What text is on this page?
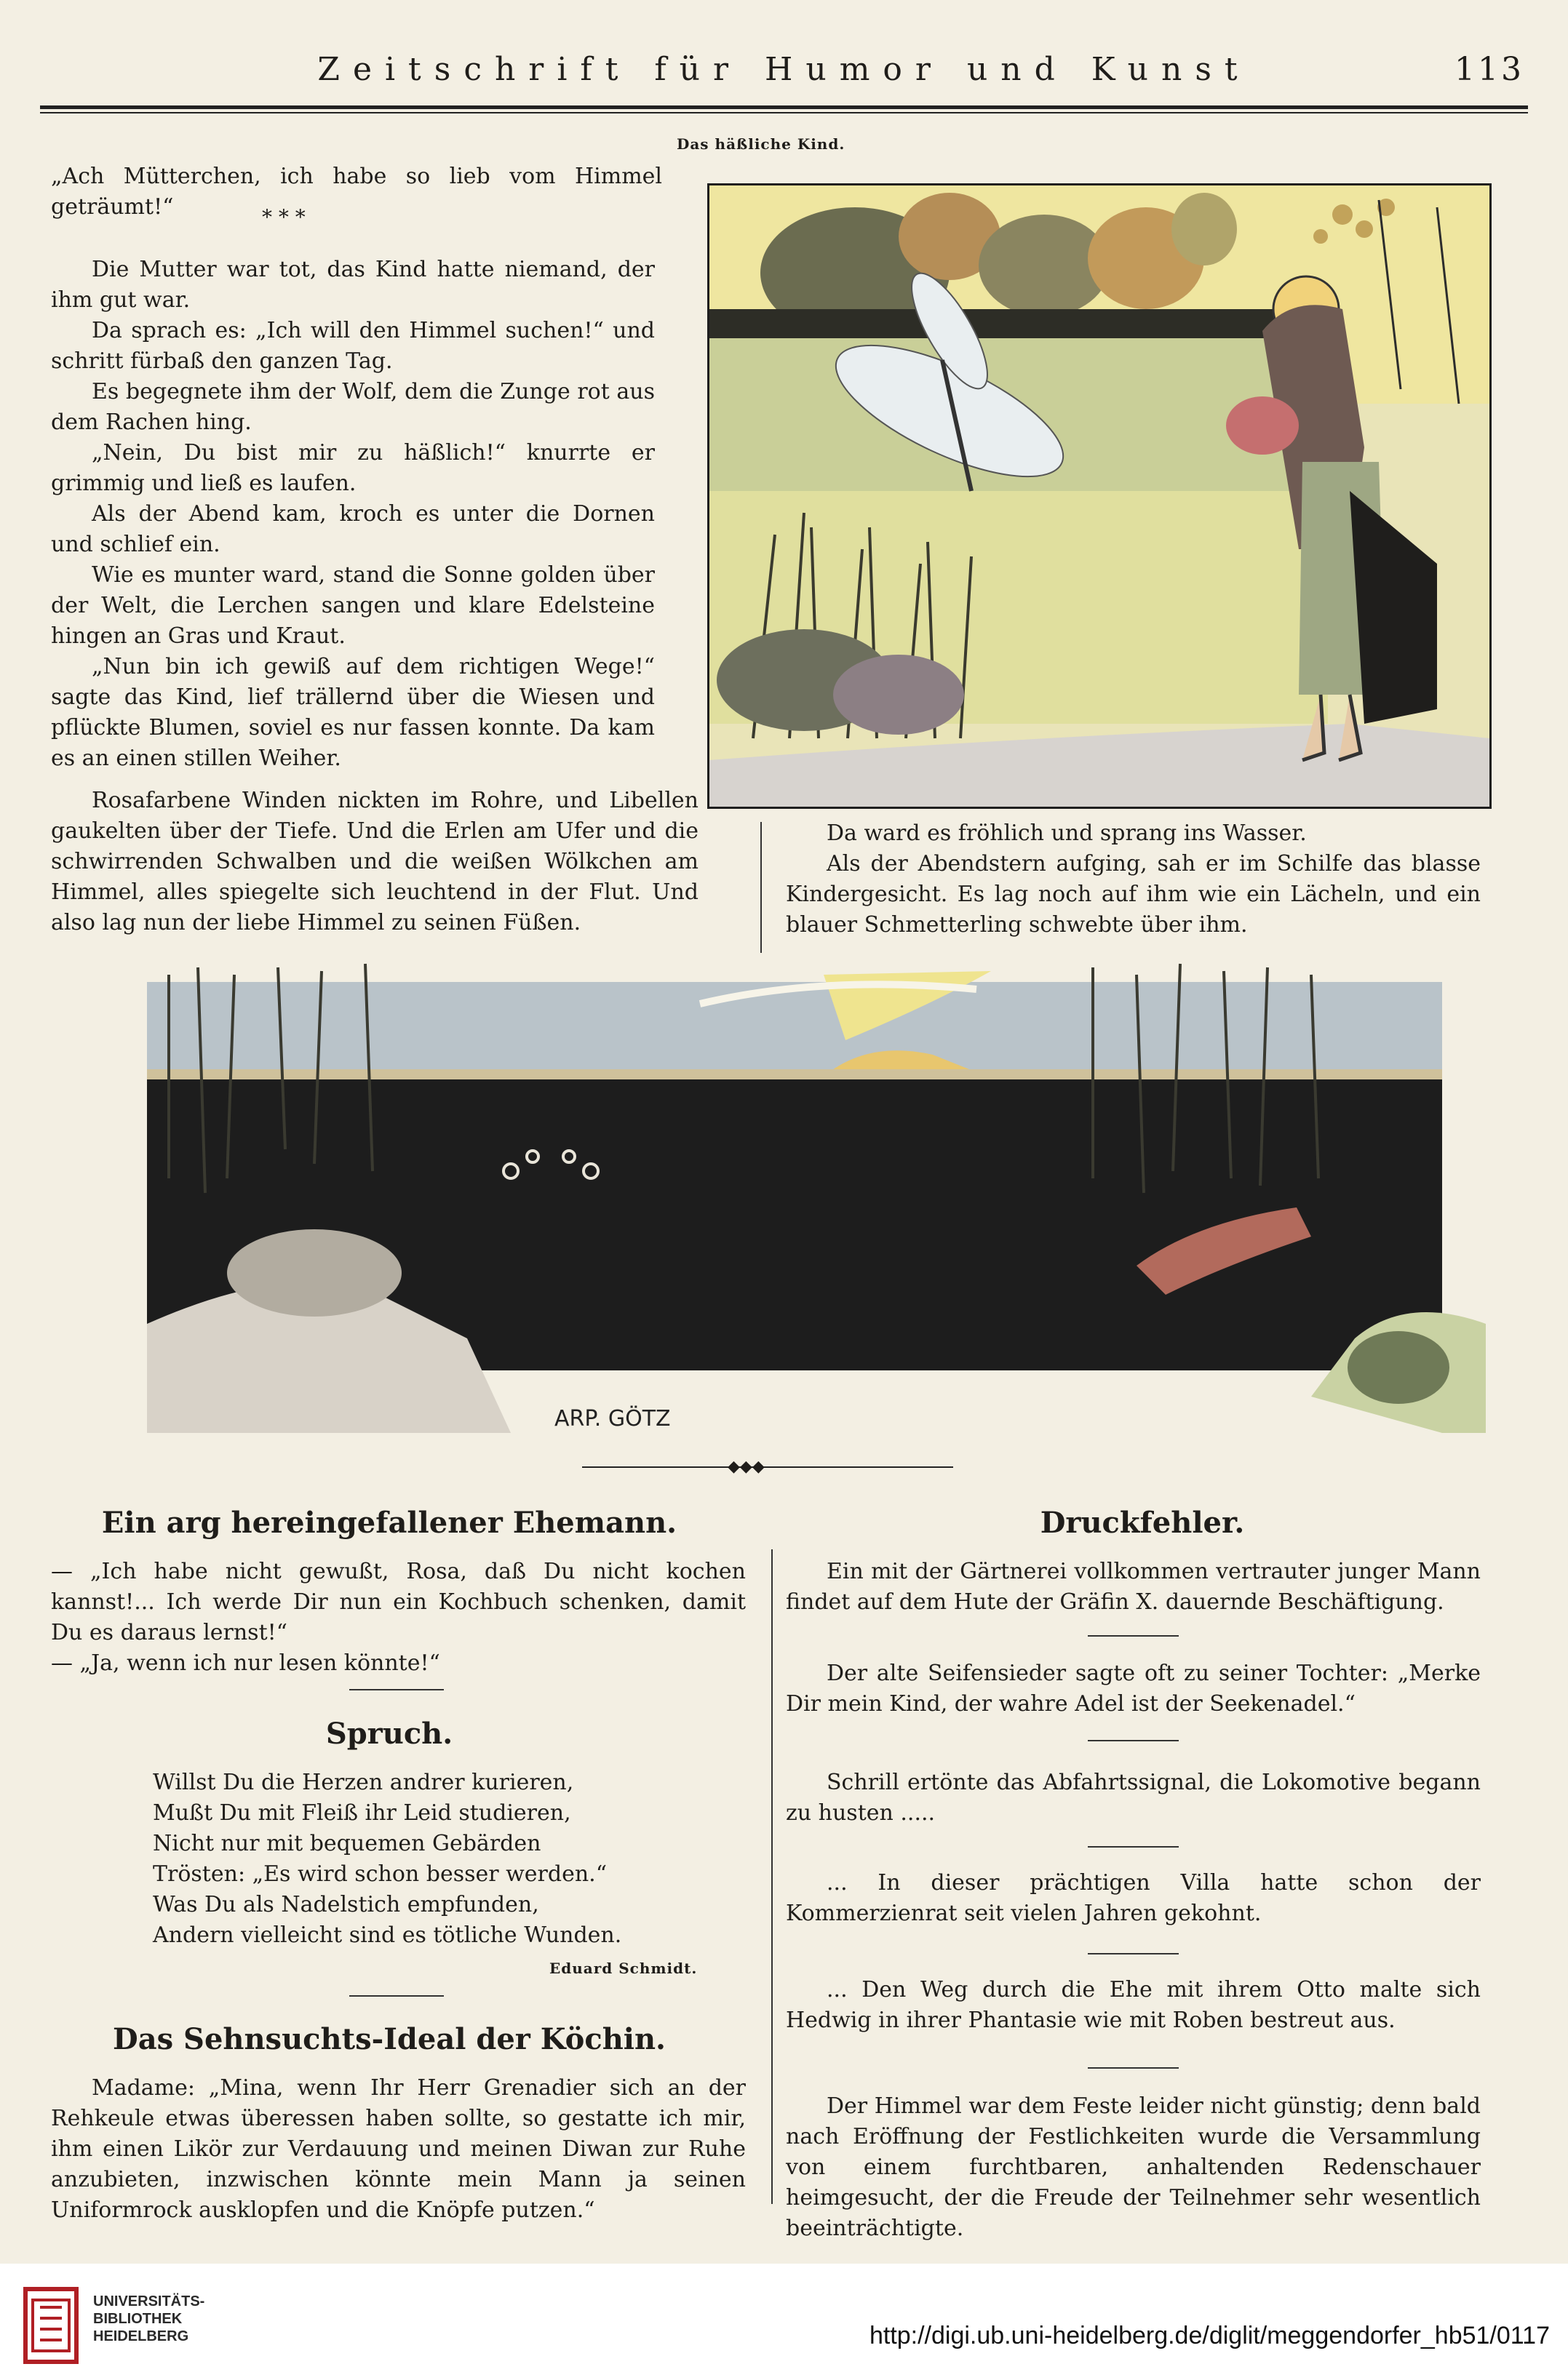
Zeitschrift für Humor und Kunst	113
Das häßliche Kind.

„Ach Mütterchen, ich habe so lieb vom Himmel geträumt!“	* * *

Die Mutter war tot, das Kind hatte niemand, der ihm gut war.

Da sprach es: „Ich will den Himmel suchen!“ und schritt fürbaß den ganzen Tag.

Es begegnete ihm der Wolf, dem die Zunge rot aus dem Rachen hing.

„Nein, Du bist mir zu häßlich!“ knurrte er grimmig und ließ es laufen.

Als der Abend kam, kroch es unter die Dornen und schlief ein.

Wie es munter ward, stand die Sonne golden über der Welt, die Lerchen sangen und klare Edelsteine hingen an Gras und Kraut.

„Nun bin ich gewiß auf dem richtigen Wege!“ sagte das Kind, lief trällernd über die Wiesen und pflückte Blumen, soviel es nur fassen konnte. Da kam es an einen stillen Weiher.

Rosafarbene Winden nickten im Rohre, und Libellen gaukelten über der Tiefe. Und die Erlen am Ufer und die schwirrenden Schwalben und die weißen Wölkchen am Himmel, alles spiegelte sich leuchtend in der Flut. Und also lag nun der liebe Himmel zu seinen Füßen.

Da ward es fröhlich und sprang ins Wasser.

Als der Abendstern aufging, sah er im Schilfe das blasse Kindergesicht. Es lag noch auf ihm wie ein Lächeln, und ein blauer Schmetterling schwebte über ihm.

ARP. GÖTZ
◆◆◆
Ein arg hereingefallener Ehemann.

— „Ich habe nicht gewußt, Rosa, daß Du nicht kochen kannst!... Ich werde Dir nun ein Kochbuch schenken, damit Du es daraus lernst!“

— „Ja, wenn ich nur lesen könnte!“

Spruch.

Willst Du die Herzen andrer kurieren,

Mußt Du mit Fleiß ihr Leid studieren,

Nicht nur mit bequemen Gebärden

Trösten: „Es wird schon besser werden.“

Was Du als Nadelstich empfunden,

Andern vielleicht sind es tötliche Wunden.

Eduard Schmidt.
Das Sehnsuchts-Ideal der Köchin.

Madame: „Mina, wenn Ihr Herr Grenadier sich an der Rehkeule etwas überessen haben sollte, so gestatte ich mir, ihm einen Likör zur Verdauung und meinen Diwan zur Ruhe anzubieten, inzwischen könnte mein Mann ja seinen Uniformrock ausklopfen und die Knöpfe putzen.“

Druckfehler.

Ein mit der Gärtnerei vollkommen vertrauter junger Mann findet auf dem Hute der Gräfin X. dauernde Beschäftigung.

Der alte Seifensieder sagte oft zu seiner Tochter: „Merke Dir mein Kind, der wahre Adel ist der Seekenadel.“

Schrill ertönte das Abfahrtssignal, die Lokomotive begann zu husten .....

... In dieser prächtigen Villa hatte schon der Kommerzienrat seit vielen Jahren gekohnt.

... Den Weg durch die Ehe mit ihrem Otto malte sich Hedwig in ihrer Phantasie wie mit Roben bestreut aus.

Der Himmel war dem Feste leider nicht günstig; denn bald nach Eröffnung der Festlichkeiten wurde die Versammlung von einem furchtbaren, anhaltenden Redenschauer heimgesucht, der die Freude der Teilnehmer sehr wesentlich beeinträchtigte.

UNIVERSITÄTS-
BIBLIOTHEK
HEIDELBERG	http://digi.ub.uni-heidelberg.de/diglit/meggendorfer_hb51/0117
